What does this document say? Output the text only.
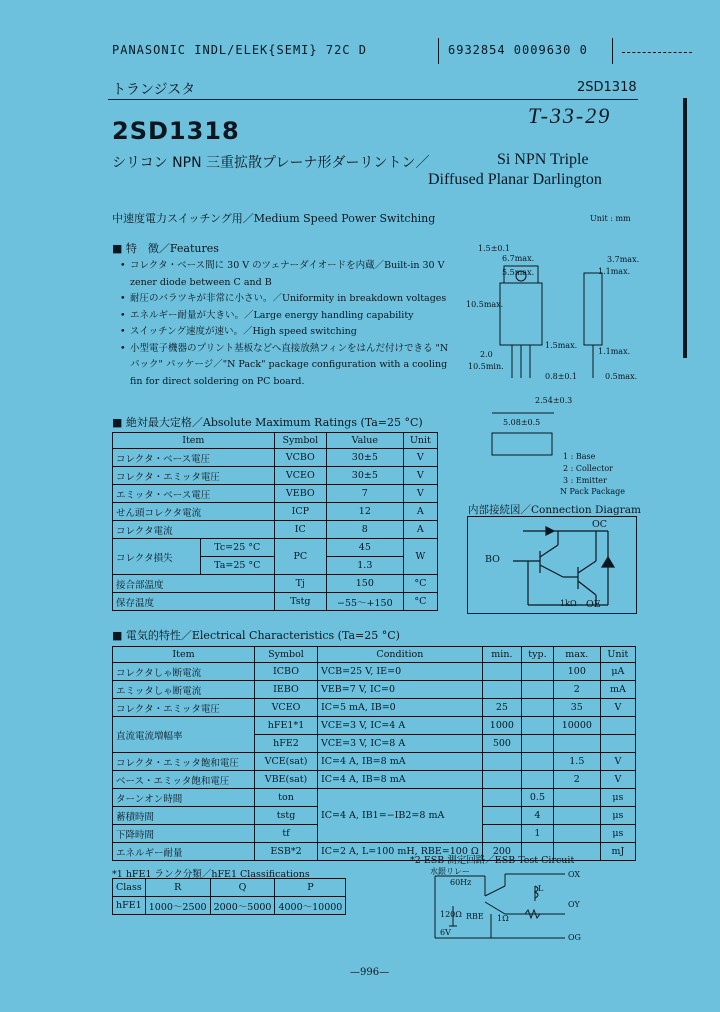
PANASONIC INDL/ELEK{SEMI} 72C D	6932854 0009630 0
トランジスタ	2SD1318
T-33-29
2SD1318
シリコン NPN 三重拡散プレーナ形ダーリントン／	Si NPN Triple
Diffused Planar Darlington
中速度電力スイッチング用／Medium Speed Power Switching
■ 特　徴／Features
• コレクタ・ベース間に 30 V のツェナーダイオードを内蔵／Built-in 30 V zener diode between C and B
• 耐圧のバラツキが非常に小さい。／Uniformity in breakdown voltages
• エネルギー耐量が大きい。／Large energy handling capability
• スイッチング速度が速い。／High speed switching
• 小型電子機器のプリント基板などへ直接放熱フィンをはんだ付けできる "N パック" パッケージ／"N Pack" package configuration with a cooling fin for direct soldering on PC board.
Unit : mm
6.7max.
5.5max.
1.5±0.1
10.5max.
2.0
10.5min.
1.5max.
0.8±0.1
2.54±0.3
5.08±0.5
3.7max.
1.1max.
1.1max.
0.5max.
1 : Base
2 : Collector
3 : Emitter
N Pack Package
■ 絶対最大定格／Absolute Maximum Ratings (Ta=25 °C)
Item		Symbol	Value	Unit
コレクタ・ベース電圧		VCBO	30±5	V
コレクタ・エミッタ電圧		VCEO	30±5	V
エミッタ・ベース電圧		VEBO	7	V
せん頭コレクタ電流		ICP	12	A
コレクタ電流		IC	8	A
コレクタ損失	Tc=25 °C	PC	45	W
	Ta=25 °C		1.3	
接合部温度		Tj	150	°C
保存温度		Tstg	−55～+150	°C
内部接続図／Connection Diagram
OC
BO
OE
1kΩ
■ 電気的特性／Electrical Characteristics (Ta=25 °C)
Item	Symbol	Condition	min.	typ.	max.	Unit
コレクタしゃ断電流	ICBO	VCB=25 V, IE=0			100	μA
エミッタしゃ断電流	IEBO	VEB=7 V, IC=0			2	mA
コレクタ・エミッタ電圧	VCEO	IC=5 mA, IB=0	25		35	V
直流電流増幅率	hFE1*1	VCE=3 V, IC=4 A	1000		10000	
	hFE2	VCE=3 V, IC=8 A	500			
コレクタ・エミッタ飽和電圧	VCE(sat)	IC=4 A, IB=8 mA			1.5	V
ベース・エミッタ飽和電圧	VBE(sat)	IC=4 A, IB=8 mA			2	V
ターンオン時間	ton	IC=4 A, IB1=−IB2=8 mA		0.5		μs
蓄積時間	tstg			4		μs
下降時間	tf			1		μs
エネルギー耐量	ESB*2	IC=2 A, L=100 mH, RBE=100 Ω	200			mJ
*1 hFE1 ランク分類／hFE1 Classifications
Class	R	Q	P
hFE1	1000～2500	2000～5000	4000～10000
*2 ESB 測定回路／ESB Test Circuit
水銀リレー
60Hz
120Ω
6V
RBE 1Ω
L
OX
OY
OG
—996—
